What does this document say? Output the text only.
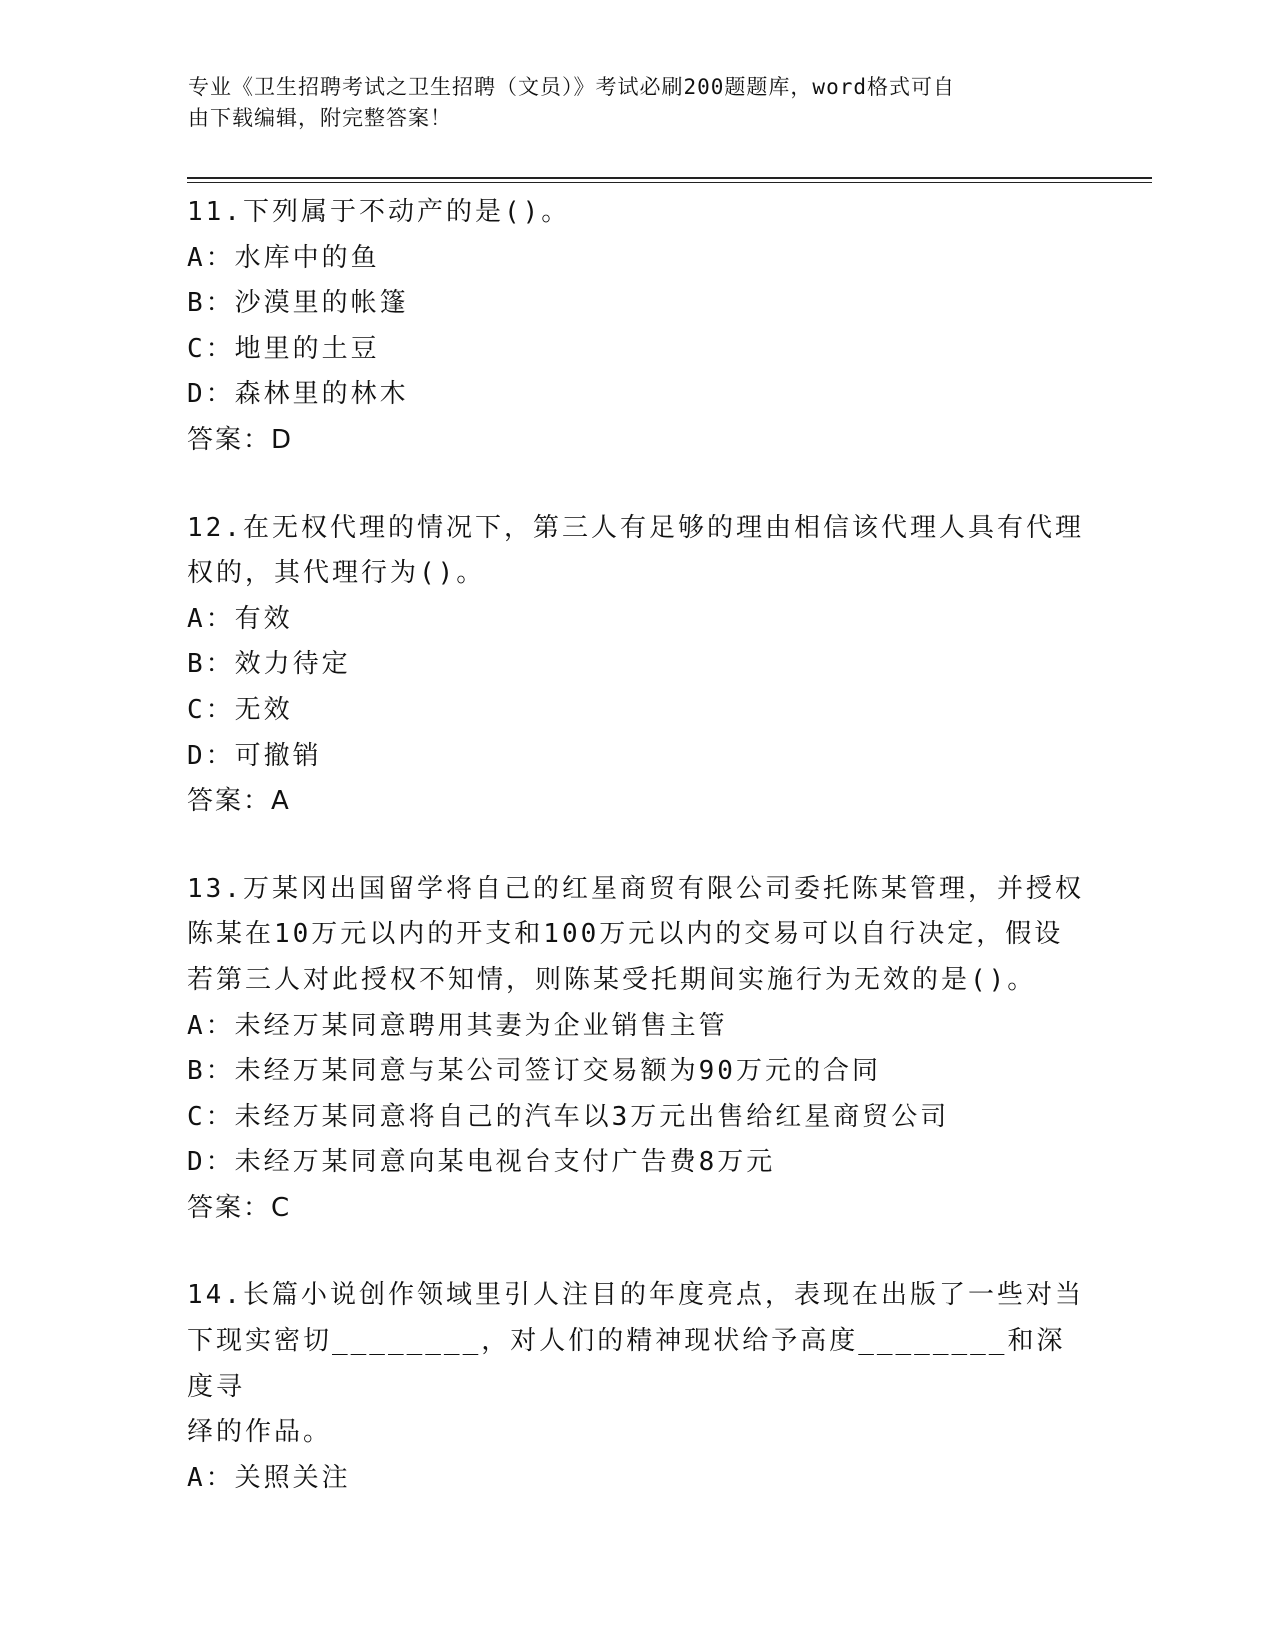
专业《卫生招聘考试之卫生招聘（文员）》考试必刷200题题库，word格式可自
由下载编辑，附完整答案！
11.下列属于不动产的是()。
A：水库中的鱼
B：沙漠里的帐篷
C：地里的土豆
D：森林里的林木
答案：D
12.在无权代理的情况下，第三人有足够的理由相信该代理人具有代理
权的，其代理行为()。
A：有效
B：效力待定
C：无效
D：可撤销
答案：A
13.万某冈出国留学将自己的红星商贸有限公司委托陈某管理，并授权
陈某在10万元以内的开支和100万元以内的交易可以自行决定，假设
若第三人对此授权不知情，则陈某受托期间实施行为无效的是()。
A：未经万某同意聘用其妻为企业销售主管
B：未经万某同意与某公司签订交易额为90万元的合同
C：未经万某同意将自己的汽车以3万元出售给红星商贸公司
D：未经万某同意向某电视台支付广告费8万元
答案：C
14.长篇小说创作领域里引人注目的年度亮点，表现在出版了一些对当
下现实密切________，对人们的精神现状给予高度________和深度寻
绎的作品。
A：关照关注
